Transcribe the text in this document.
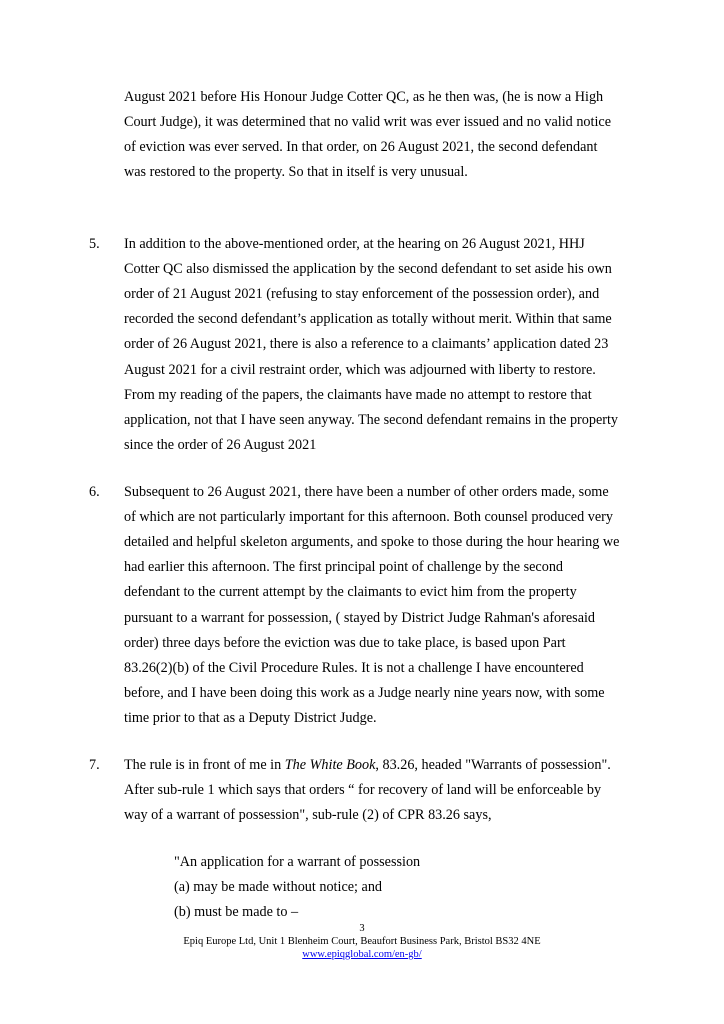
August 2021 before His Honour Judge Cotter QC, as he then was, (he is now a High
Court Judge), it was determined that no valid writ was ever issued and no valid notice
of eviction was ever served. In that order, on 26 August 2021, the second defendant
was restored to the property. So that in itself is very unusual.
5. In addition to the above-mentioned order, at the hearing on 26 August 2021, HHJ
Cotter QC also dismissed the application by the second defendant to set aside his own
order of 21 August 2021 (refusing to stay enforcement of the possession order), and
recorded the second defendant’s application as totally without merit. Within that same
order of 26 August 2021, there is also a reference to a claimants’ application dated 23
August 2021 for a civil restraint order, which was adjourned with liberty to restore.
From my reading of the papers, the claimants have made no attempt to restore that
application, not that I have seen anyway. The second defendant remains in the property
since the order of 26 August 2021
6. Subsequent to 26 August 2021, there have been a number of other orders made, some
of which are not particularly important for this afternoon. Both counsel produced very
detailed and helpful skeleton arguments, and spoke to those during the hour hearing we
had earlier this afternoon. The first principal point of challenge by the second
defendant to the current attempt by the claimants to evict him from the property
pursuant to a warrant for possession, ( stayed by District Judge Rahman's aforesaid
order) three days before the eviction was due to take place, is based upon Part
83.26(2)(b) of the Civil Procedure Rules. It is not a challenge I have encountered
before, and I have been doing this work as a Judge nearly nine years now, with some
time prior to that as a Deputy District Judge.
7. The rule is in front of me in The White Book, 83.26, headed "Warrants of possession".
After sub-rule 1 which says that orders “ for recovery of land will be enforceable by
way of a warrant of possession", sub-rule (2) of CPR 83.26 says,
"An application for a warrant of possession
(a) may be made without notice; and
(b) must be made to –
3
Epiq Europe Ltd, Unit 1 Blenheim Court, Beaufort Business Park, Bristol BS32 4NE
www.epiqglobal.com/en-gb/
